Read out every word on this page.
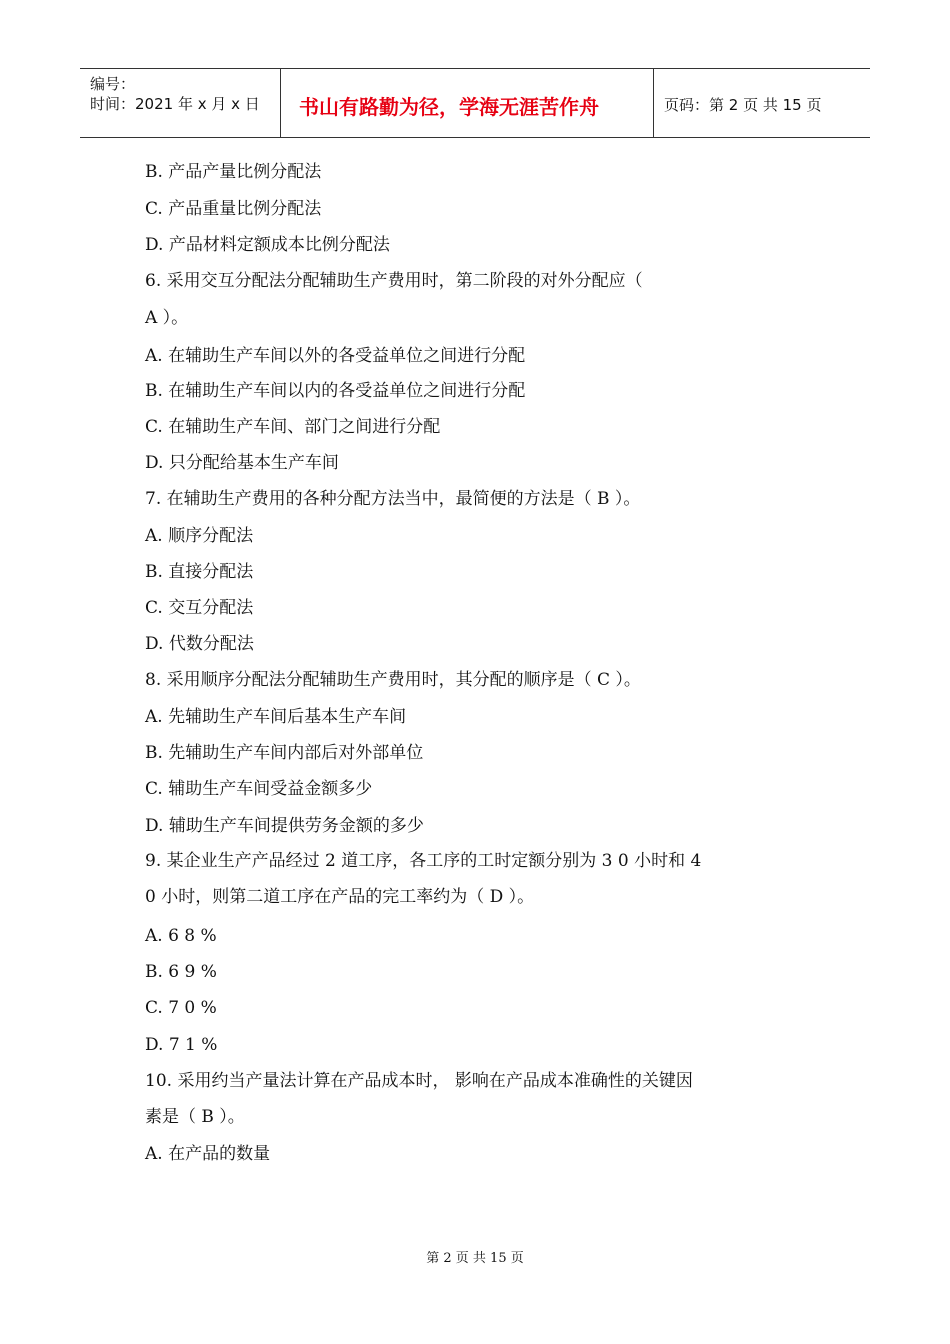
编号：
时间：2021 年 x 月 x 日 书山有路勤为径，学海无涯苦作舟	页码：第 2 页 共 15 页
B. 产品产量比例分配法
C. 产品重量比例分配法
D. 产品材料定额成本比例分配法
6. 采用交互分配法分配辅助生产费用时，第二阶段的对外分配应（
A ）。
A. 在辅助生产车间以外的各受益单位之间进行分配
B. 在辅助生产车间以内的各受益单位之间进行分配
C. 在辅助生产车间、部门之间进行分配
D. 只分配给基本生产车间
7. 在辅助生产费用的各种分配方法当中，最简便的方法是（ B ）。
A. 顺序分配法
B. 直接分配法
C. 交互分配法
D. 代数分配法
8. 采用顺序分配法分配辅助生产费用时，其分配的顺序是（ C ）。
A. 先辅助生产车间后基本生产车间
B. 先辅助生产车间内部后对外部单位
C. 辅助生产车间受益金额多少
D. 辅助生产车间提供劳务金额的多少
9. 某企业生产产品经过 2 道工序，各工序的工时定额分别为 3 0 小时和 4
0 小时，则第二道工序在产品的完工率约为（ D ）。
A. 6 8 %
B. 6 9 %
C. 7 0 %
D. 7 1 %
10. 采用约当产量法计算在产品成本时， 影响在产品成本准确性的关键因
素是（ B ）。
A. 在产品的数量
第 2 页 共 15 页
